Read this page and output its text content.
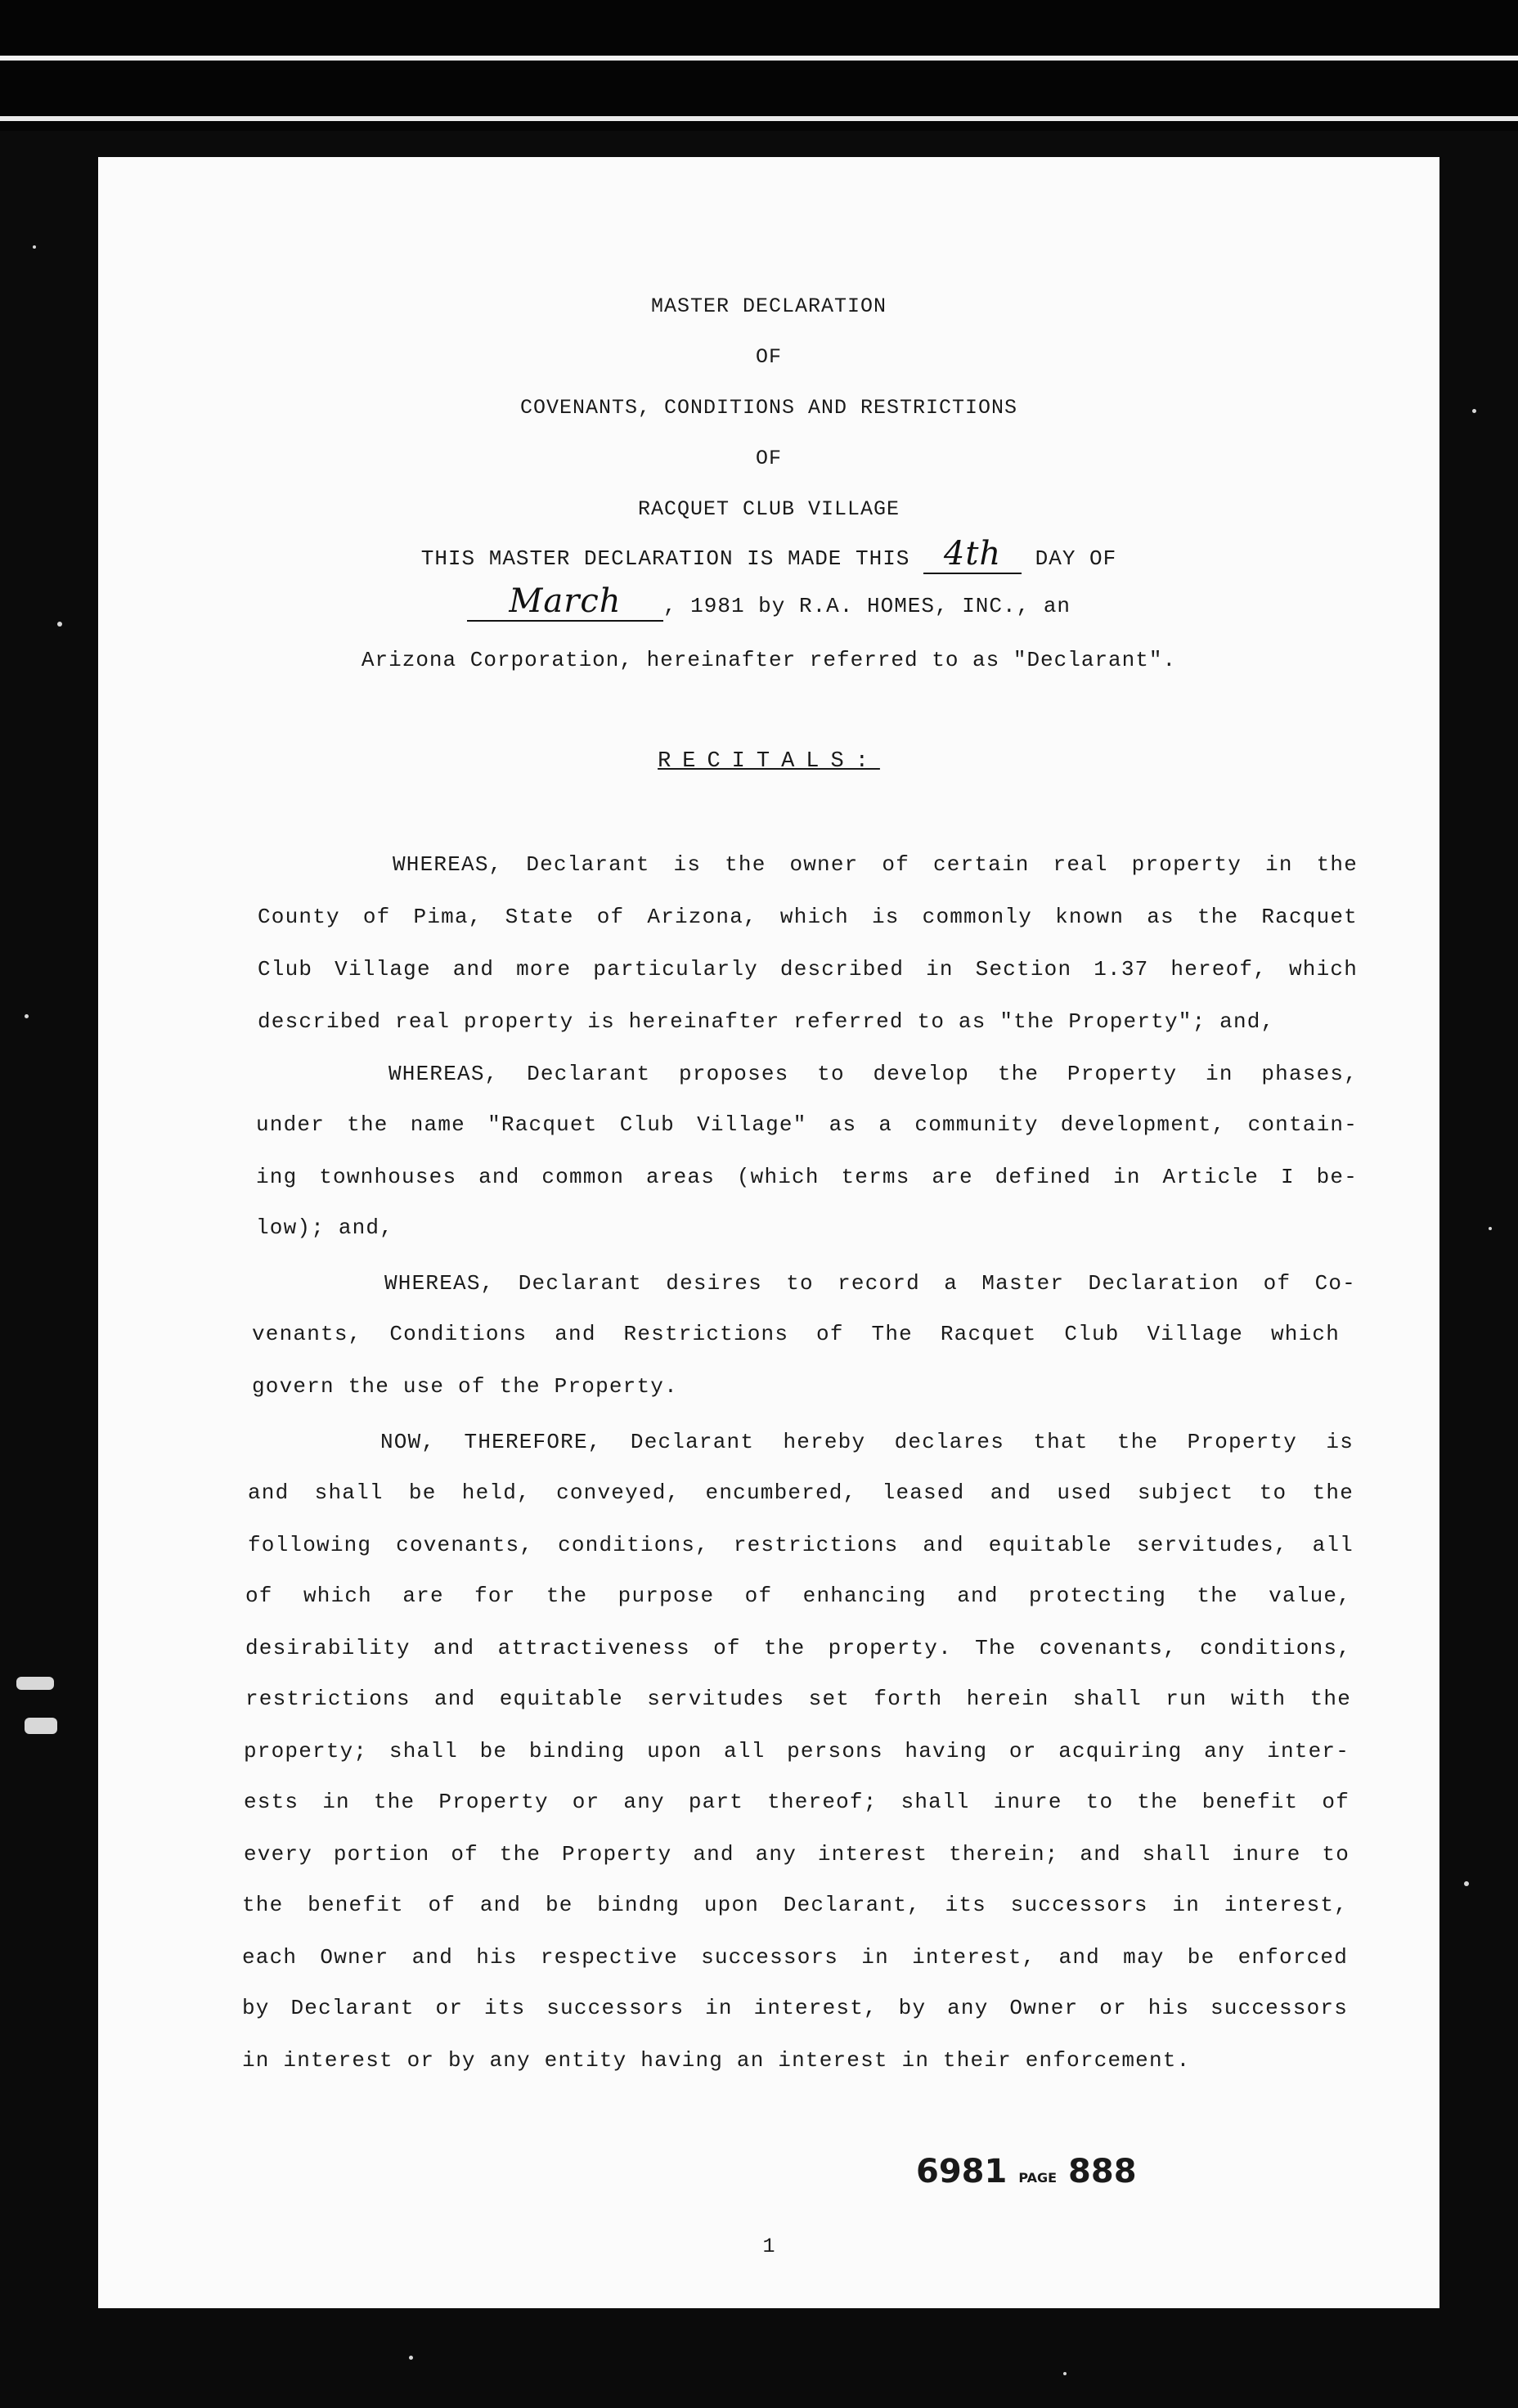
MASTER DECLARATION
OF
COVENANTS, CONDITIONS AND RESTRICTIONS
OF
RACQUET CLUB VILLAGE
THIS MASTER DECLARATION IS MADE THIS 4th DAY OF
March , 1981 by R.A. HOMES, INC., an
Arizona Corporation, hereinafter referred to as "Declarant".
RECITALS:
WHEREAS, Declarant is the owner of certain real property in the
County of Pima, State of Arizona, which is commonly known as the Racquet
Club Village and more particularly described in Section 1.37 hereof, which
described real property is hereinafter referred to as "the Property"; and,
WHEREAS, Declarant proposes to develop the Property in phases,
under the name "Racquet Club Village" as a community development, contain-
ing townhouses and common areas (which terms are defined in Article I be-
low); and,
WHEREAS, Declarant desires to record a Master Declaration of Co-
venants, Conditions and Restrictions of The Racquet Club Village which
govern the use of the Property.
NOW, THEREFORE, Declarant hereby declares that the Property is
and shall be held, conveyed, encumbered, leased and used subject to the
following covenants, conditions, restrictions and equitable servitudes, all
of which are for the purpose of enhancing and protecting the value,
desirability and attractiveness of the property. The covenants, conditions,
restrictions and equitable servitudes set forth herein shall run with the
property; shall be binding upon all persons having or acquiring any inter-
ests in the Property or any part thereof; shall inure to the benefit of
every portion of the Property and any interest therein; and shall inure to
the benefit of and be bindng upon Declarant, its successors in interest,
each Owner and his respective successors in interest, and may be enforced
by Declarant or its successors in interest, by any Owner or his successors
in interest or by any entity having an interest in their enforcement.
6981 PAGE 888
1
